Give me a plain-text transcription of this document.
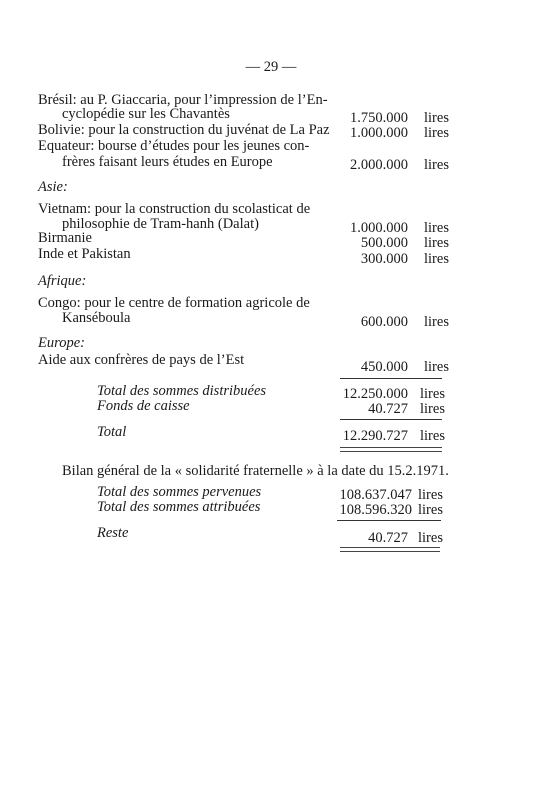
— 29 —
Brésil: au P. Giaccaria, pour l’impression de l’En-
cyclopédie sur les Chavantès	1.750.000 lires
Bolivie: pour la construction du juvénat de La Paz	1.000.000 lires
Equateur: bourse d’études pour les jeunes con-
frères faisant leurs études en Europe	2.000.000 lires
Asie:
Vietnam: pour la construction du scolasticat de
philosophie de Tram-hanh (Dalat)	1.000.000 lires
Birmanie	500.000 lires
Inde et Pakistan	300.000 lires
Afrique:
Congo: pour le centre de formation agricole de
Kanséboula	600.000 lires
Europe:
Aide aux confrères de pays de l’Est	450.000 lires
Total des sommes distribuées	12.250.000 lires
Fonds de caisse	40.727 lires
Total	12.290.727 lires
Bilan général de la « solidarité fraternelle » à la date du 15.2.1971.
Total des sommes pervenues	108.637.047 lires
Total des sommes attribuées	108.596.320 lires
Reste	40.727 lires
